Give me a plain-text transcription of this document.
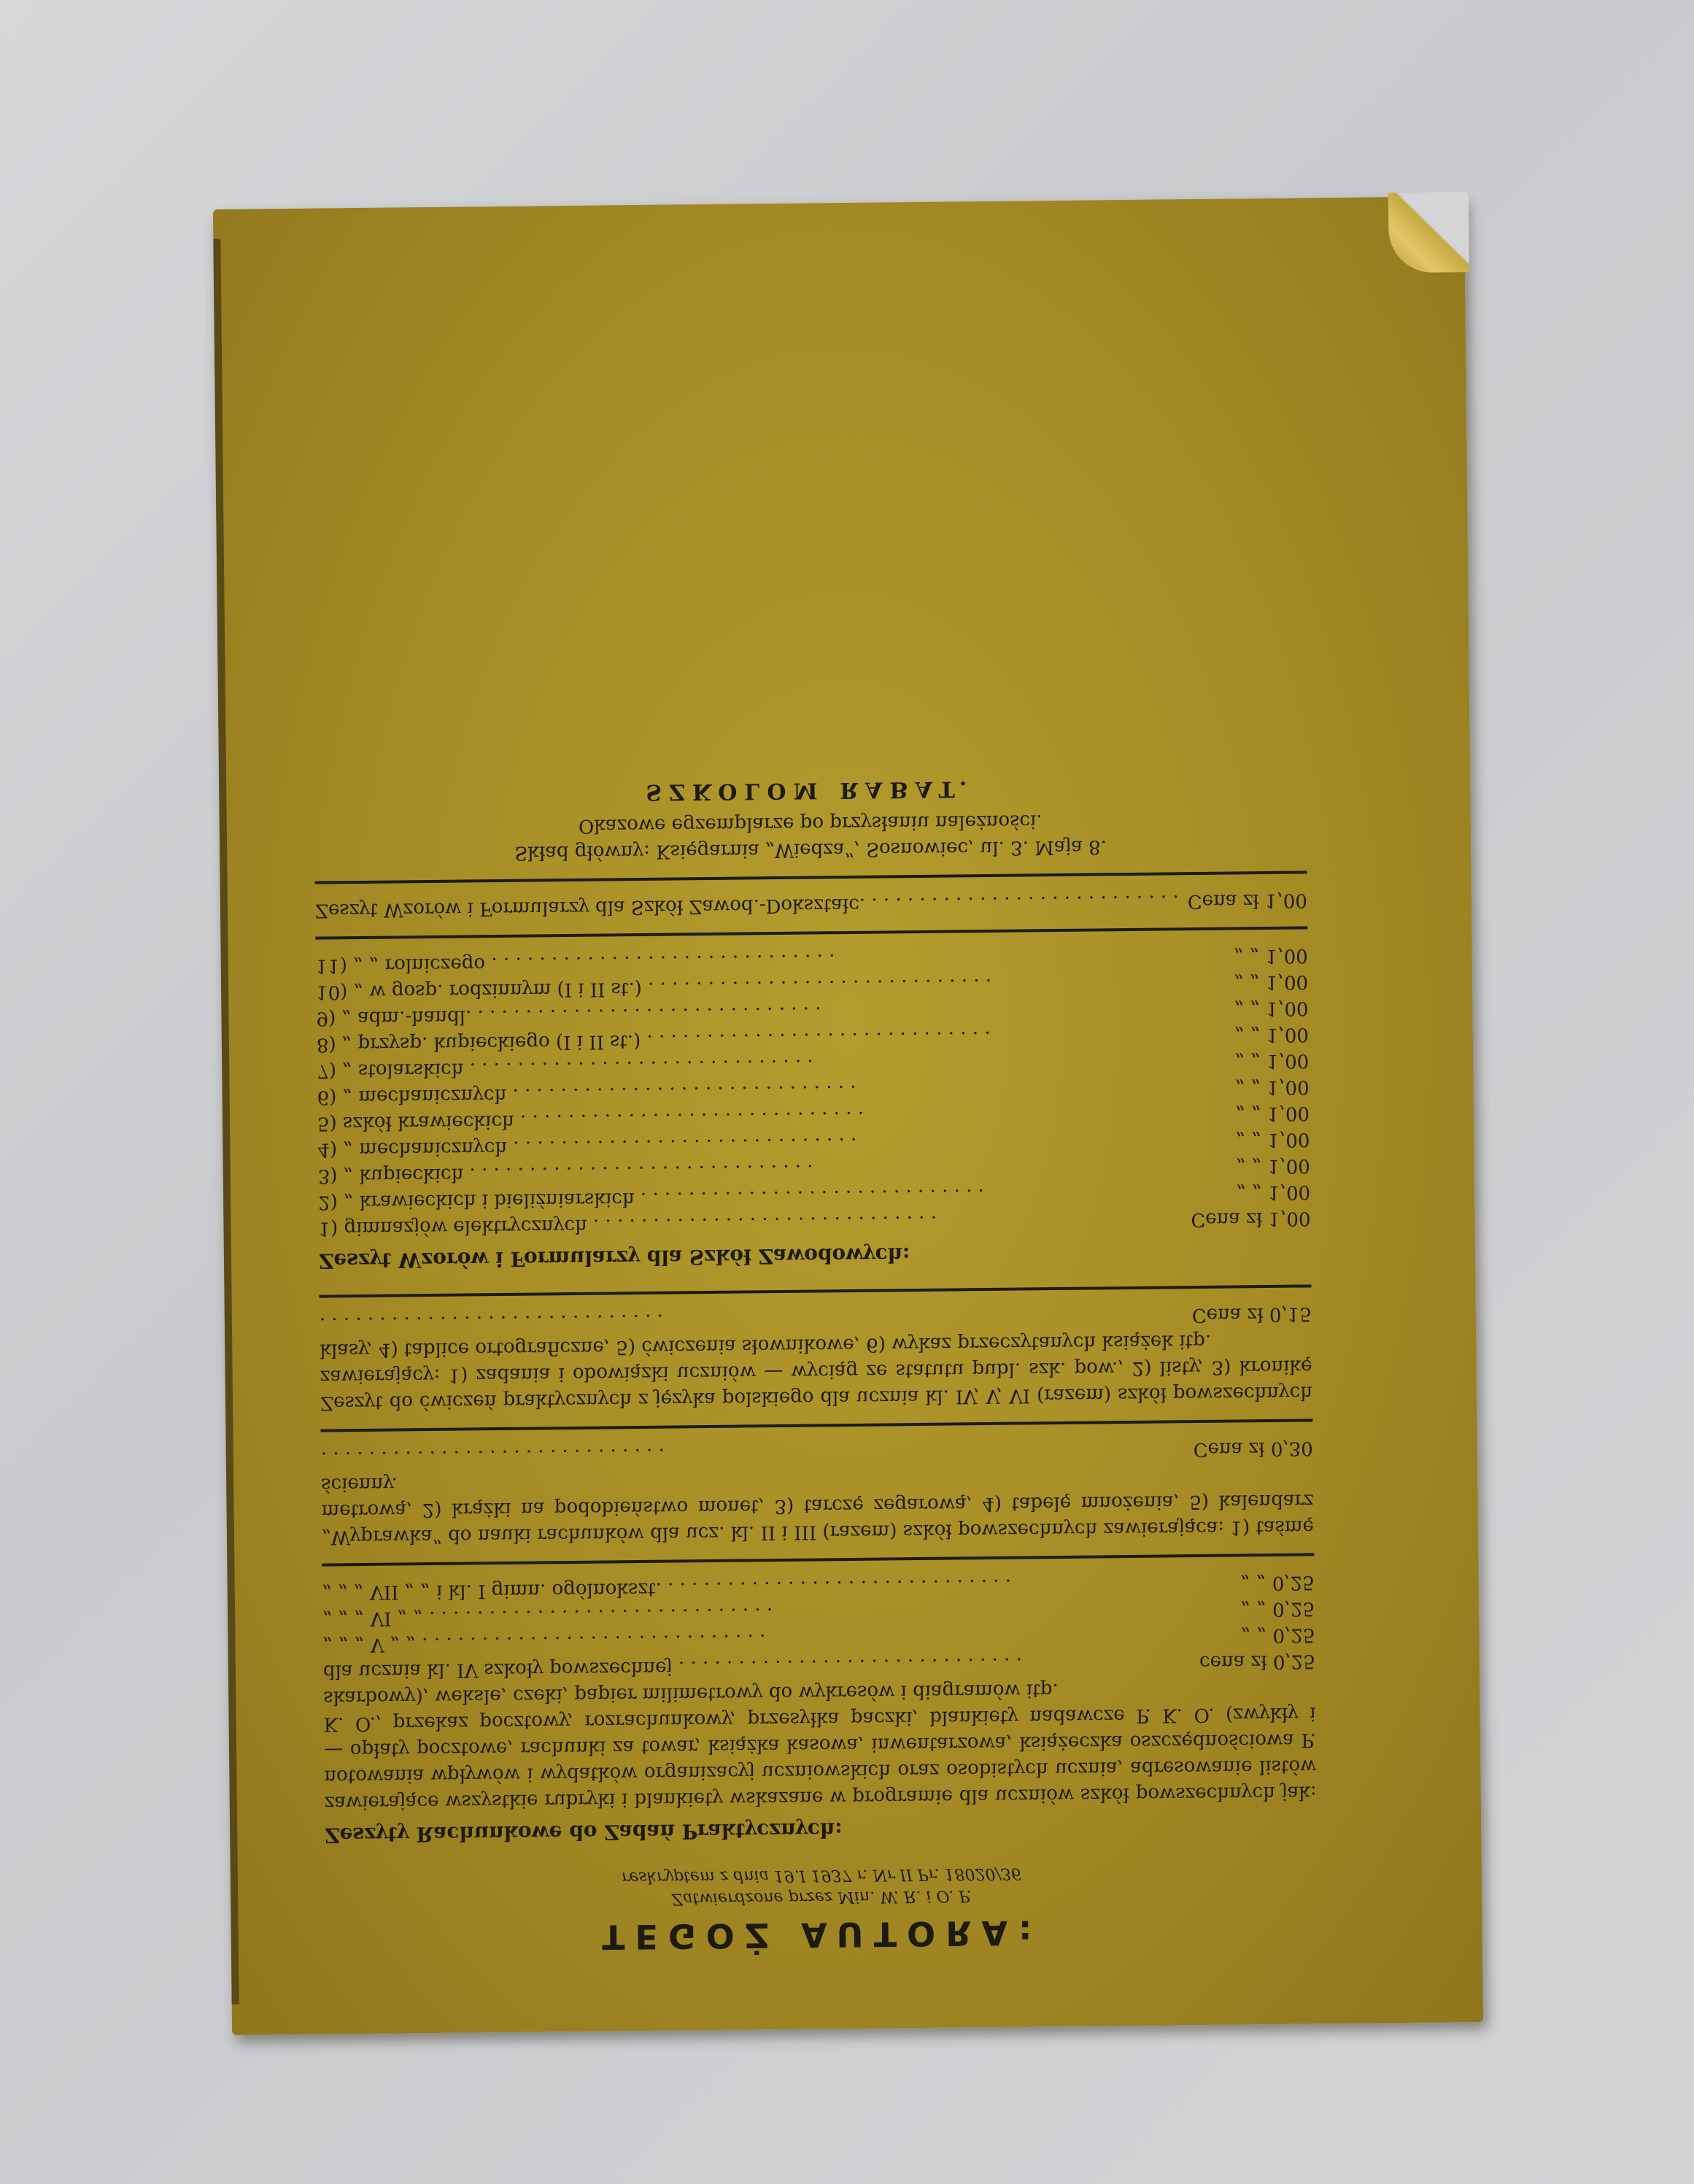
TEGOŻ AUTORA:
Zatwierdzone przez Min. W. R. i O. P.
reskryptem z dnia 19.I 1937 r. Nr II Pr. 18020/36
Zeszyty Rachunkowe do Zadań Praktycznych:
zawierające wszystkie rubryki i blankiety wskazane w programie dla uczniów szkół powszechnych jak: notowania wpływów i wydatków organizacyj uczniowskich oraz osobistych ucznia, adresowanie listów — opłaty pocztowe, rachunki za towar, książka kasowa, inwentarzowa, książeczka oszczędnościowa P. K. O., przekaz pocztowy, rozrachunkowy, przesyłka paczki, blankiety nadawcze P. K. O. (zwykły i skarbowy), weksle, czeki, papier milimetrowy do wykresów i diagramów itp.
dla ucznia kl. IV szkoły powszechnej . . .	cena zł 0,25
„ „ „ V „ „ . . .	„ „ 0,25
„ „ „ VI „ „ . . .	„ „ 0,25
„ „ „ VII „ „ i kl. I gimn. ogólnokszt. . . .	„ „ 0,25
„Wyprawka” do nauki rachunków dla ucz. kl. II i III (razem) szkół powszechnych zawierająca: 1) taśmę metrową, 2) krążki na podobieństwo monet, 3) tarczę zegarową, 4) tabelę mnożenia, 5) kalendarz ścienny.
. . .
Cena zł 0,30
Zeszyt do ćwiczeń praktycznych z języka polskiego dla ucznia kl. IV, V, VI (razem) szkół powszechnych zawierający: 1) zadania i obowiązki uczniów — wyciąg ze statutu publ. szk. pow., 2) listy, 3) kronikę klasy, 4) tablice ortograficzne, 5) ćwiczenia słownikowe, 6) wykaz przeczytanych książek itp.
. . .
Cena zł 0,15
Zeszyt Wzorów i Formularzy dla Szkół Zawodowych:
1) gimnazjów elektrycznych . . .	Cena zł 1,00
2) „ krawieckich i bieliźniarskich . . .	„ „ 1,00
3) „ kupieckich . . .	„ „ 1,00
4) „ mechanicznych . . .	„ „ 1,00
5) szkół krawieckich . . .	„ „ 1,00
6) „ mechanicznych . . .	„ „ 1,00
7) „ stolarskich . . .	„ „ 1,00
8) „ przysp. kupieckiego (I i II st.) . . .	„ „ 1,00
9) „ adm.-handl. . . .	„ „ 1,00
10) „ w gosp. rodzinnym (I i II st.) . . .	„ „ 1,00
11) „ „ rolniczego . . .	„ „ 1,00
Zeszyt Wzorów i Formularzy dla Szkół Zawod.-Dokształc. . . .	Cena zł 1,00
Skład główny: Księgarnia „Wiedza”, Sosnowiec, ul. 3. Maja 8.
Okazowe egzemplarze po przysłaniu należności.
SZKOLOM RABAT.
